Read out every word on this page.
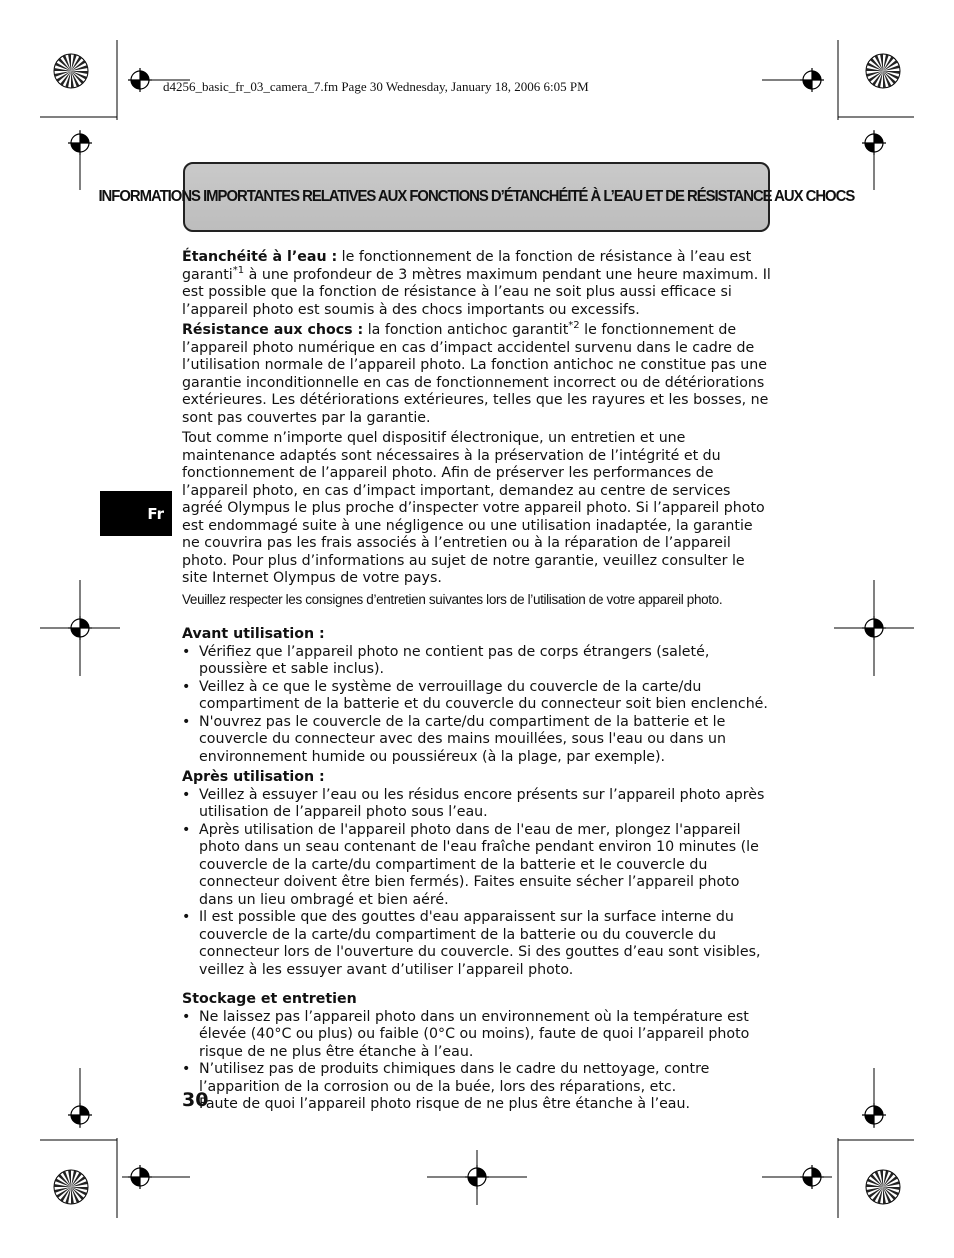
d4256_basic_fr_03_camera_7.fm Page 30 Wednesday, January 18, 2006 6:05 PM
INFORMATIONS IMPORTANTES RELATIVES AUX FONCTIONS D’ÉTANCHÉITÉ À L’EAU ET DE RÉSISTANCE AUX CHOCS
Fr

Étanchéité à l’eau : le fonctionnement de la fonction de résistance à l’eau est garanti$^{*1}$ à une profondeur de 3 mètres maximum pendant une heure maximum. Il est possible que la fonction de résistance à l’eau ne soit plus aussi efficace si l’appareil photo est soumis à des chocs importants ou excessifs.

Résistance aux chocs : la fonction antichoc garantit$^{*2}$ le fonctionnement de l’appareil photo numérique en cas d’impact accidentel survenu dans le cadre de l’utilisation normale de l’appareil photo. La fonction antichoc ne constitue pas une garantie inconditionnelle en cas de fonctionnement incorrect ou de détériorations extérieures. Les détériorations extérieures, telles que les rayures et les bosses, ne sont pas couvertes par la garantie.

Tout comme n’importe quel dispositif électronique, un entretien et une maintenance adaptés sont nécessaires à la préservation de l’intégrité et du fonctionnement de l’appareil photo. Afin de préserver les performances de l’appareil photo, en cas d’impact important, demandez au centre de services agréé Olympus le plus proche d’inspecter votre appareil photo. Si l’appareil photo est endommagé suite à une négligence ou une utilisation inadaptée, la garantie ne couvrira pas les frais associés à l’entretien ou à la réparation de l’appareil photo. Pour plus d’informations au sujet de notre garantie, veuillez consulter le site Internet Olympus de votre pays.

Veuillez respecter les consignes d’entretien suivantes lors de l’utilisation de votre appareil photo.

Avant utilisation :

• Vérifiez que l’appareil photo ne contient pas de corps étrangers (saleté, poussière et sable inclus).
• Veillez à ce que le système de verrouillage du couvercle de la carte/du compartiment de la batterie et du couvercle du connecteur soit bien enclenché.
• N'ouvrez pas le couvercle de la carte/du compartiment de la batterie et le couvercle du connecteur avec des mains mouillées, sous l'eau ou dans un environnement humide ou poussiéreux (à la plage, par exemple).

Après utilisation :

• Veillez à essuyer l’eau ou les résidus encore présents sur l’appareil photo après utilisation de l’appareil photo sous l’eau.
• Après utilisation de l'appareil photo dans de l'eau de mer, plongez l'appareil photo dans un seau contenant de l'eau fraîche pendant environ 10 minutes (le couvercle de la carte/du compartiment de la batterie et le couvercle du connecteur doivent être bien fermés). Faites ensuite sécher l’appareil photo dans un lieu ombragé et bien aéré.
• Il est possible que des gouttes d'eau apparaissent sur la surface interne du couvercle de la carte/du compartiment de la batterie ou du couvercle du connecteur lors de l'ouverture du couvercle. Si des gouttes d’eau sont visibles, veillez à les essuyer avant d’utiliser l’appareil photo.

Stockage et entretien

• Ne laissez pas l’appareil photo dans un environnement où la température est élevée (40°C ou plus) ou faible (0°C ou moins), faute de quoi l’appareil photo risque de ne plus être étanche à l’eau.
• N’utilisez pas de produits chimiques dans le cadre du nettoyage, contre l’apparition de la corrosion ou de la buée, lors des réparations, etc.
Faute de quoi l’appareil photo risque de ne plus être étanche à l’eau.
30
